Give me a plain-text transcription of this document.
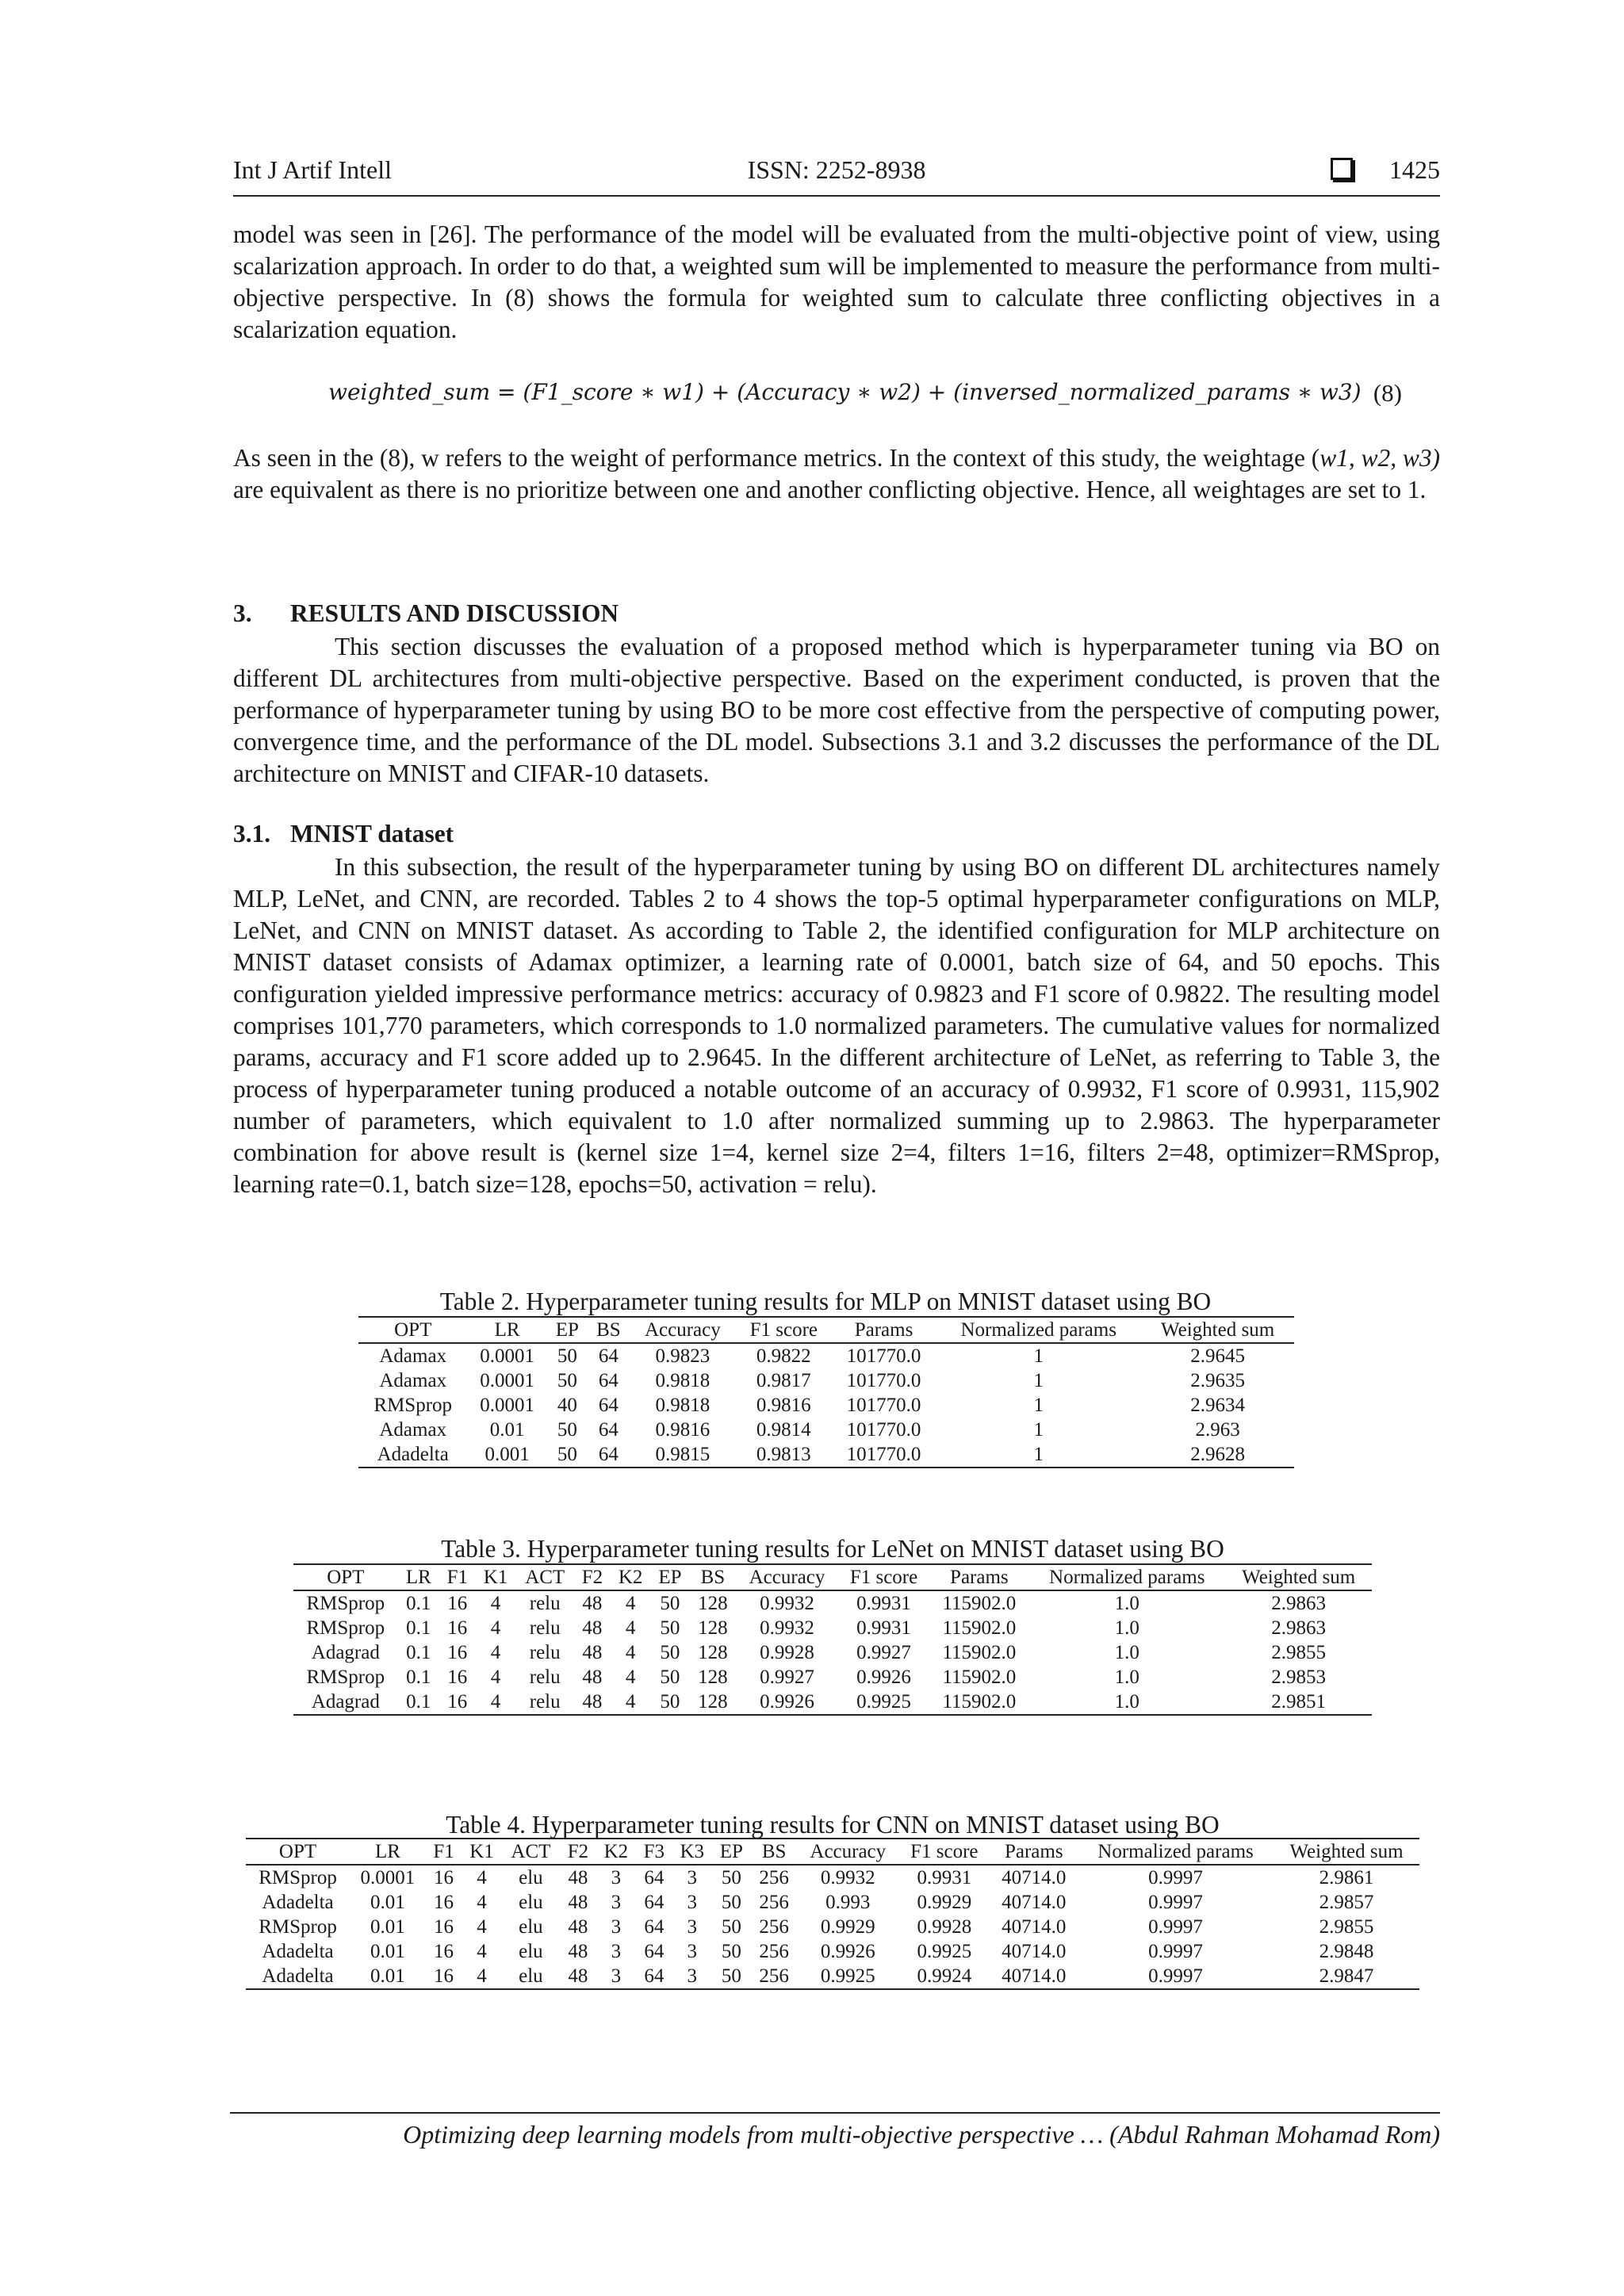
Int J Artif Intell	ISSN: 2252-8938	1425

model was seen in [26]. The performance of the model will be evaluated from the multi-objective point of view, using scalarization approach. In order to do that, a weighted sum will be implemented to measure the performance from multi-objective perspective. In (8) shows the formula for weighted sum to calculate three conflicting objectives in a scalarization equation.

weighted_sum = (F1_score ∗ w1) + (Accuracy ∗ w2) + (inversed_normalized_params ∗ w3) (8)

As seen in the (8), w refers to the weight of performance metrics. In the context of this study, the weightage (w1, w2, w3) are equivalent as there is no prioritize between one and another conflicting objective. Hence, all weightages are set to 1.

3. RESULTS AND DISCUSSION

This section discusses the evaluation of a proposed method which is hyperparameter tuning via BO on different DL architectures from multi-objective perspective. Based on the experiment conducted, is proven that the performance of hyperparameter tuning by using BO to be more cost effective from the perspective of computing power, convergence time, and the performance of the DL model. Subsections 3.1 and 3.2 discusses the performance of the DL architecture on MNIST and CIFAR-10 datasets.

3.1. MNIST dataset

In this subsection, the result of the hyperparameter tuning by using BO on different DL architectures namely MLP, LeNet, and CNN, are recorded. Tables 2 to 4 shows the top-5 optimal hyperparameter configurations on MLP, LeNet, and CNN on MNIST dataset. As according to Table 2, the identified configuration for MLP architecture on MNIST dataset consists of Adamax optimizer, a learning rate of 0.0001, batch size of 64, and 50 epochs. This configuration yielded impressive performance metrics: accuracy of 0.9823 and F1 score of 0.9822. The resulting model comprises 101,770 parameters, which corresponds to 1.0 normalized parameters. The cumulative values for normalized params, accuracy and F1 score added up to 2.9645. In the different architecture of LeNet, as referring to Table 3, the process of hyperparameter tuning produced a notable outcome of an accuracy of 0.9932, F1 score of 0.9931, 115,902 number of parameters, which equivalent to 1.0 after normalized summing up to 2.9863. The hyperparameter combination for above result is (kernel size 1=4, kernel size 2=4, filters 1=16, filters 2=48, optimizer=RMSprop, learning rate=0.1, batch size=128, epochs=50, activation = relu).

Table 2. Hyperparameter tuning results for MLP on MNIST dataset using BO
OPT	LR	EP	BS	Accuracy	F1 score	Params	Normalized params	Weighted sum
Adamax	0.0001	50	64	0.9823	0.9822	101770.0	1	2.9645
Adamax	0.0001	50	64	0.9818	0.9817	101770.0	1	2.9635
RMSprop	0.0001	40	64	0.9818	0.9816	101770.0	1	2.9634
Adamax	0.01	50	64	0.9816	0.9814	101770.0	1	2.963
Adadelta	0.001	50	64	0.9815	0.9813	101770.0	1	2.9628
Table 3. Hyperparameter tuning results for LeNet on MNIST dataset using BO
OPT	LR	F1	K1	ACT	F2	K2	EP	BS	Accuracy	F1 score	Params	Normalized params	Weighted sum
RMSprop	0.1	16	4	relu	48	4	50	128	0.9932	0.9931	115902.0	1.0	2.9863
RMSprop	0.1	16	4	relu	48	4	50	128	0.9932	0.9931	115902.0	1.0	2.9863
Adagrad	0.1	16	4	relu	48	4	50	128	0.9928	0.9927	115902.0	1.0	2.9855
RMSprop	0.1	16	4	relu	48	4	50	128	0.9927	0.9926	115902.0	1.0	2.9853
Adagrad	0.1	16	4	relu	48	4	50	128	0.9926	0.9925	115902.0	1.0	2.9851
Table 4. Hyperparameter tuning results for CNN on MNIST dataset using BO
OPT	LR	F1	K1	ACT	F2	K2	F3	K3	EP	BS	Accuracy	F1 score	Params	Normalized params	Weighted sum
RMSprop	0.0001	16	4	elu	48	3	64	3	50	256	0.9932	0.9931	40714.0	0.9997	2.9861
Adadelta	0.01	16	4	elu	48	3	64	3	50	256	0.993	0.9929	40714.0	0.9997	2.9857
RMSprop	0.01	16	4	elu	48	3	64	3	50	256	0.9929	0.9928	40714.0	0.9997	2.9855
Adadelta	0.01	16	4	elu	48	3	64	3	50	256	0.9926	0.9925	40714.0	0.9997	2.9848
Adadelta	0.01	16	4	elu	48	3	64	3	50	256	0.9925	0.9924	40714.0	0.9997	2.9847
Optimizing deep learning models from multi-objective perspective … (Abdul Rahman Mohamad Rom)
